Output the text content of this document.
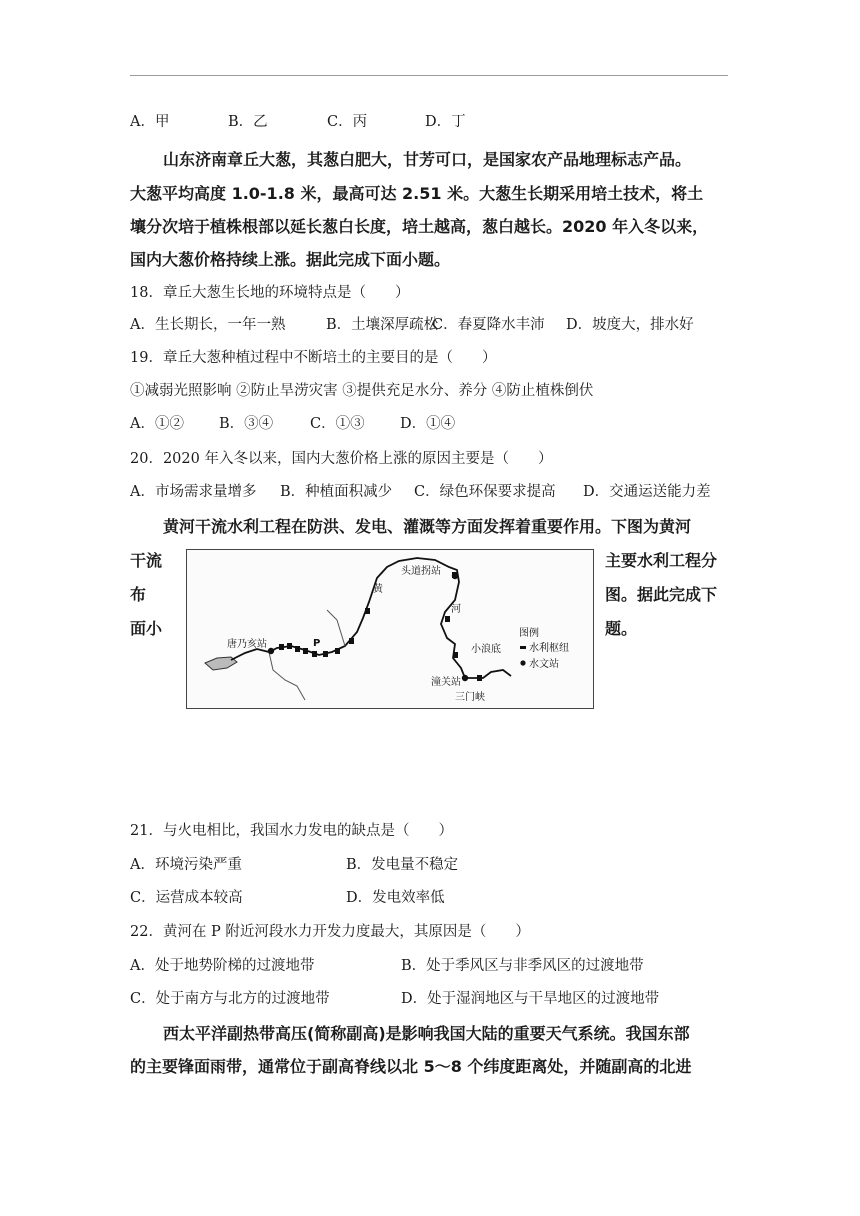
A．甲	B．乙	C．丙	D．丁
山东济南章丘大葱，其葱白肥大，甘芳可口，是国家农产品地理标志产品。
大葱平均高度 1.0-1.8 米，最高可达 2.51 米。大葱生长期采用培土技术，将土
壤分次培于植株根部以延长葱白长度，培土越高，葱白越长。2020 年入冬以来，
国内大葱价格持续上涨。据此完成下面小题。
18．章丘大葱生长地的环境特点是（　　）
A．生长期长，一年一熟	B．土壤深厚疏松
C．春夏降水丰沛 D．坡度大，排水好
19．章丘大葱种植过程中不断培土的主要目的是（　　）
①减弱光照影响 ②防止旱涝灾害 ③提供充足水分、养分 ④防止植株倒伏
A．①② B．③④	C．①③ D．①④
20．2020 年入冬以来，国内大葱价格上涨的原因主要是（　　）
A．市场需求量增多 B．种植面积减少 C．绿色环保要求提高 D．交通运送能力差
黄河干流水利工程在防洪、发电、灌溉等方面发挥着重要作用。下图为黄河
干流
布
面小
主要水利工程分
图。据此完成下
题。
头道拐站
黄
河
P
唐乃亥站	小浪底
潼关站
三门峡
图例
水利枢纽
水文站
21．与火电相比，我国水力发电的缺点是（　　）
A．环境污染严重	B．发电量不稳定
C．运营成本较高	D．发电效率低
22．黄河在 P 附近河段水力开发力度最大，其原因是（　　）
A．处于地势阶梯的过渡地带	B．处于季风区与非季风区的过渡地带
C．处于南方与北方的过渡地带	D．处于湿润地区与干旱地区的过渡地带
西太平洋副热带高压(简称副高)是影响我国大陆的重要天气系统。我国东部
的主要锋面雨带，通常位于副高脊线以北 5～8 个纬度距离处，并随副高的北进
